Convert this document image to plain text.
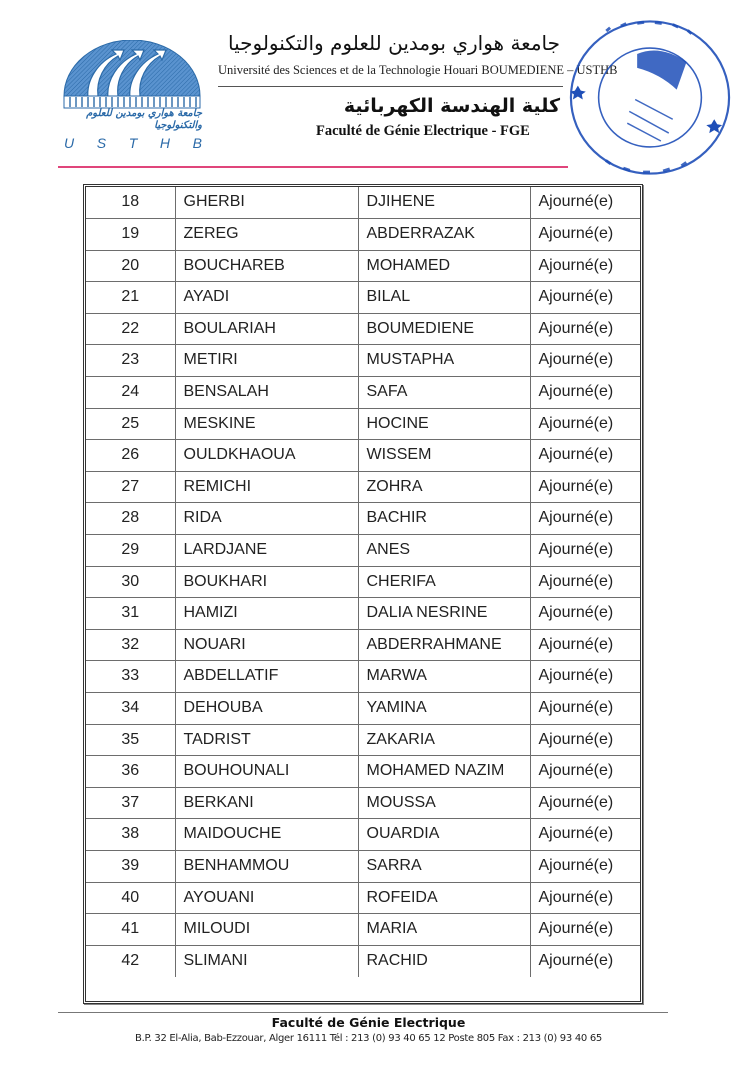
جامعة هواري بومدين للعلوم والتكنولوجيا
U S T H B
جامعة هواري بومدين للعلوم والتكنولوجيا
Université des Sciences et de la Technologie Houari BOUMEDIENE – USTHB
كلية الهندسة الكهربائية
Faculté de Génie Electrique - FGE
18	GHERBI	DJIHENE	Ajourné(e)
19	ZEREG	ABDERRAZAK	Ajourné(e)
20	BOUCHAREB	MOHAMED	Ajourné(e)
21	AYADI	BILAL	Ajourné(e)
22	BOULARIAH	BOUMEDIENE	Ajourné(e)
23	METIRI	MUSTAPHA	Ajourné(e)
24	BENSALAH	SAFA	Ajourné(e)
25	MESKINE	HOCINE	Ajourné(e)
26	OULDKHAOUA	WISSEM	Ajourné(e)
27	REMICHI	ZOHRA	Ajourné(e)
28	RIDA	BACHIR	Ajourné(e)
29	LARDJANE	ANES	Ajourné(e)
30	BOUKHARI	CHERIFA	Ajourné(e)
31	HAMIZI	DALIA NESRINE	Ajourné(e)
32	NOUARI	ABDERRAHMANE	Ajourné(e)
33	ABDELLATIF	MARWA	Ajourné(e)
34	DEHOUBA	YAMINA	Ajourné(e)
35	TADRIST	ZAKARIA	Ajourné(e)
36	BOUHOUNALI	MOHAMED NAZIM	Ajourné(e)
37	BERKANI	MOUSSA	Ajourné(e)
38	MAIDOUCHE	OUARDIA	Ajourné(e)
39	BENHAMMOU	SARRA	Ajourné(e)
40	AYOUANI	ROFEIDA	Ajourné(e)
41	MILOUDI	MARIA	Ajourné(e)
42	SLIMANI	RACHID	Ajourné(e)
Faculté de Génie Electrique
B.P. 32 El-Alia, Bab-Ezzouar, Alger 16111 Tél : 213 (0) 93 40 65 12 Poste 805 Fax : 213 (0) 93 40 65
